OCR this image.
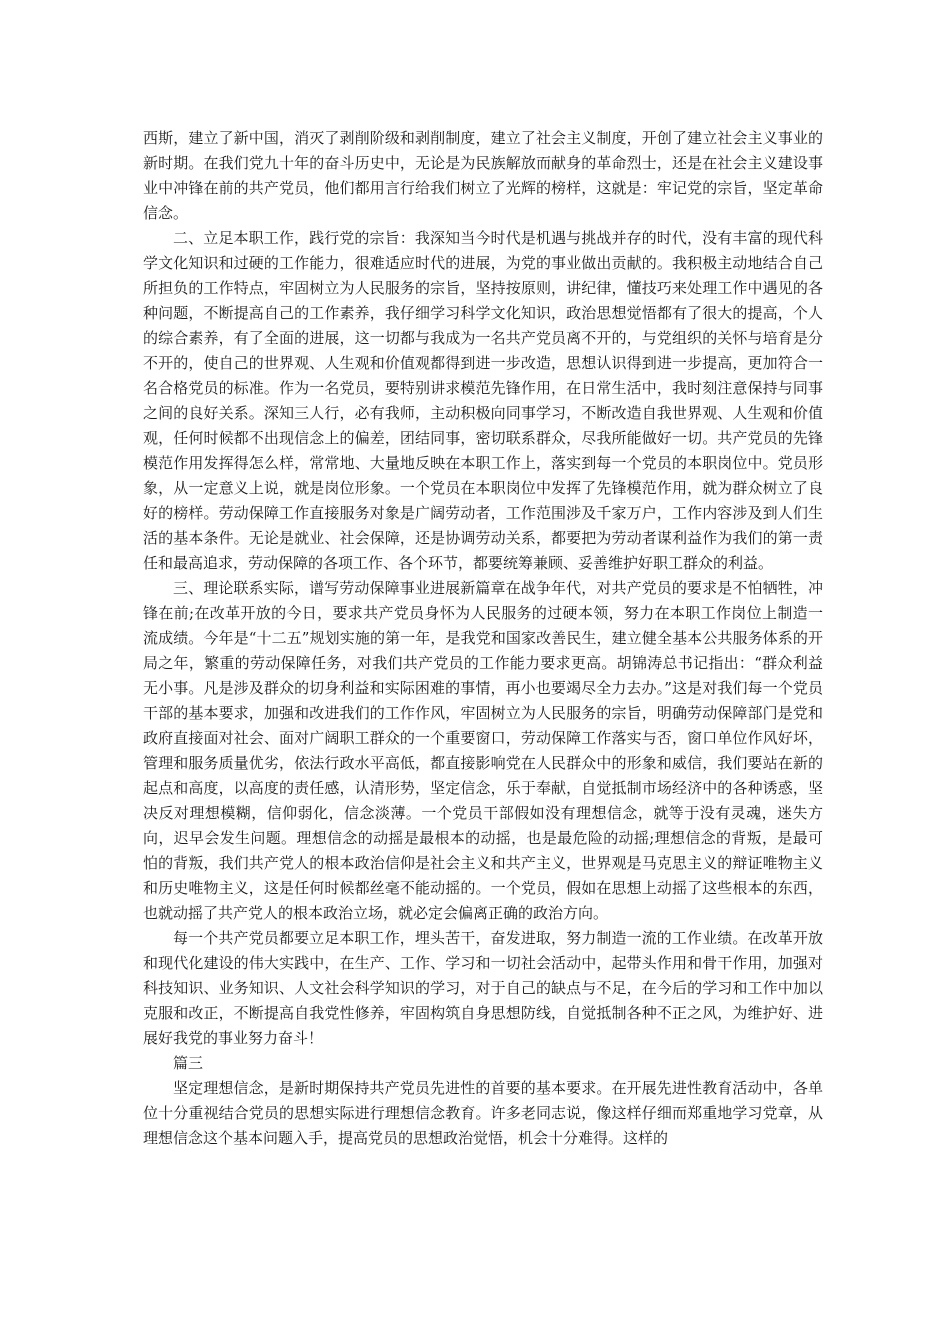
西斯，建立了新中国，消灭了剥削阶级和剥削制度，建立了社会主义制度，开创了建立社会主义事业的新时期。在我们党九十年的奋斗历史中，无论是为民族解放而献身的革命烈士，还是在社会主义建设事业中冲锋在前的共产党员，他们都用言行给我们树立了光辉的榜样，这就是：牢记党的宗旨，坚定革命信念。

二、立足本职工作，践行党的宗旨：我深知当今时代是机遇与挑战并存的时代，没有丰富的现代科学文化知识和过硬的工作能力，很难适应时代的进展，为党的事业做出贡献的。我积极主动地结合自己所担负的工作特点，牢固树立为人民服务的宗旨，坚持按原则，讲纪律，懂技巧来处理工作中遇见的各种问题，不断提高自己的工作素养，我仔细学习科学文化知识，政治思想觉悟都有了很大的提高，个人的综合素养，有了全面的进展，这一切都与我成为一名共产党员离不开的，与党组织的关怀与培育是分不开的，使自己的世界观、人生观和价值观都得到进一步改造，思想认识得到进一步提高，更加符合一名合格党员的标准。作为一名党员，要特别讲求模范先锋作用，在日常生活中，我时刻注意保持与同事之间的良好关系。深知三人行，必有我师，主动积极向同事学习，不断改造自我世界观、人生观和价值观，任何时候都不出现信念上的偏差，团结同事，密切联系群众，尽我所能做好一切。共产党员的先锋模范作用发挥得怎么样，常常地、大量地反映在本职工作上，落实到每一个党员的本职岗位中。党员形象，从一定意义上说，就是岗位形象。一个党员在本职岗位中发挥了先锋模范作用，就为群众树立了良好的榜样。劳动保障工作直接服务对象是广阔劳动者，工作范围涉及千家万户，工作内容涉及到人们生活的基本条件。无论是就业、社会保障，还是协调劳动关系，都要把为劳动者谋利益作为我们的第一责任和最高追求，劳动保障的各项工作、各个环节，都要统筹兼顾、妥善维护好职工群众的利益。

三、理论联系实际，谱写劳动保障事业进展新篇章在战争年代，对共产党员的要求是不怕牺牲，冲锋在前;在改革开放的今日，要求共产党员身怀为人民服务的过硬本领，努力在本职工作岗位上制造一流成绩。今年是“十二五”规划实施的第一年，是我党和国家改善民生，建立健全基本公共服务体系的开局之年，繁重的劳动保障任务，对我们共产党员的工作能力要求更高。胡锦涛总书记指出：“群众利益无小事。凡是涉及群众的切身利益和实际困难的事情，再小也要竭尽全力去办。”这是对我们每一个党员干部的基本要求，加强和改进我们的工作作风，牢固树立为人民服务的宗旨，明确劳动保障部门是党和政府直接面对社会、面对广阔职工群众的一个重要窗口，劳动保障工作落实与否，窗口单位作风好坏，管理和服务质量优劣，依法行政水平高低，都直接影响党在人民群众中的形象和威信，我们要站在新的起点和高度，以高度的责任感，认清形势，坚定信念，乐于奉献，自觉抵制市场经济中的各种诱惑，坚决反对理想模糊，信仰弱化，信念淡薄。一个党员干部假如没有理想信念，就等于没有灵魂，迷失方向，迟早会发生问题。理想信念的动摇是最根本的动摇，也是最危险的动摇;理想信念的背叛，是最可怕的背叛，我们共产党人的根本政治信仰是社会主义和共产主义，世界观是马克思主义的辩证唯物主义和历史唯物主义，这是任何时候都丝毫不能动摇的。一个党员，假如在思想上动摇了这些根本的东西，也就动摇了共产党人的根本政治立场，就必定会偏离正确的政治方向。

每一个共产党员都要立足本职工作，埋头苦干，奋发进取，努力制造一流的工作业绩。在改革开放和现代化建设的伟大实践中，在生产、工作、学习和一切社会活动中，起带头作用和骨干作用，加强对科技知识、业务知识、人文社会科学知识的学习，对于自己的缺点与不足，在今后的学习和工作中加以克服和改正，不断提高自我党性修养，牢固构筑自身思想防线，自觉抵制各种不正之风，为维护好、进展好我党的事业努力奋斗！

篇三

坚定理想信念，是新时期保持共产党员先进性的首要的基本要求。在开展先进性教育活动中，各单位十分重视结合党员的思想实际进行理想信念教育。许多老同志说，像这样仔细而郑重地学习党章，从理想信念这个基本问题入手，提高党员的思想政治觉悟，机会十分难得。这样的
